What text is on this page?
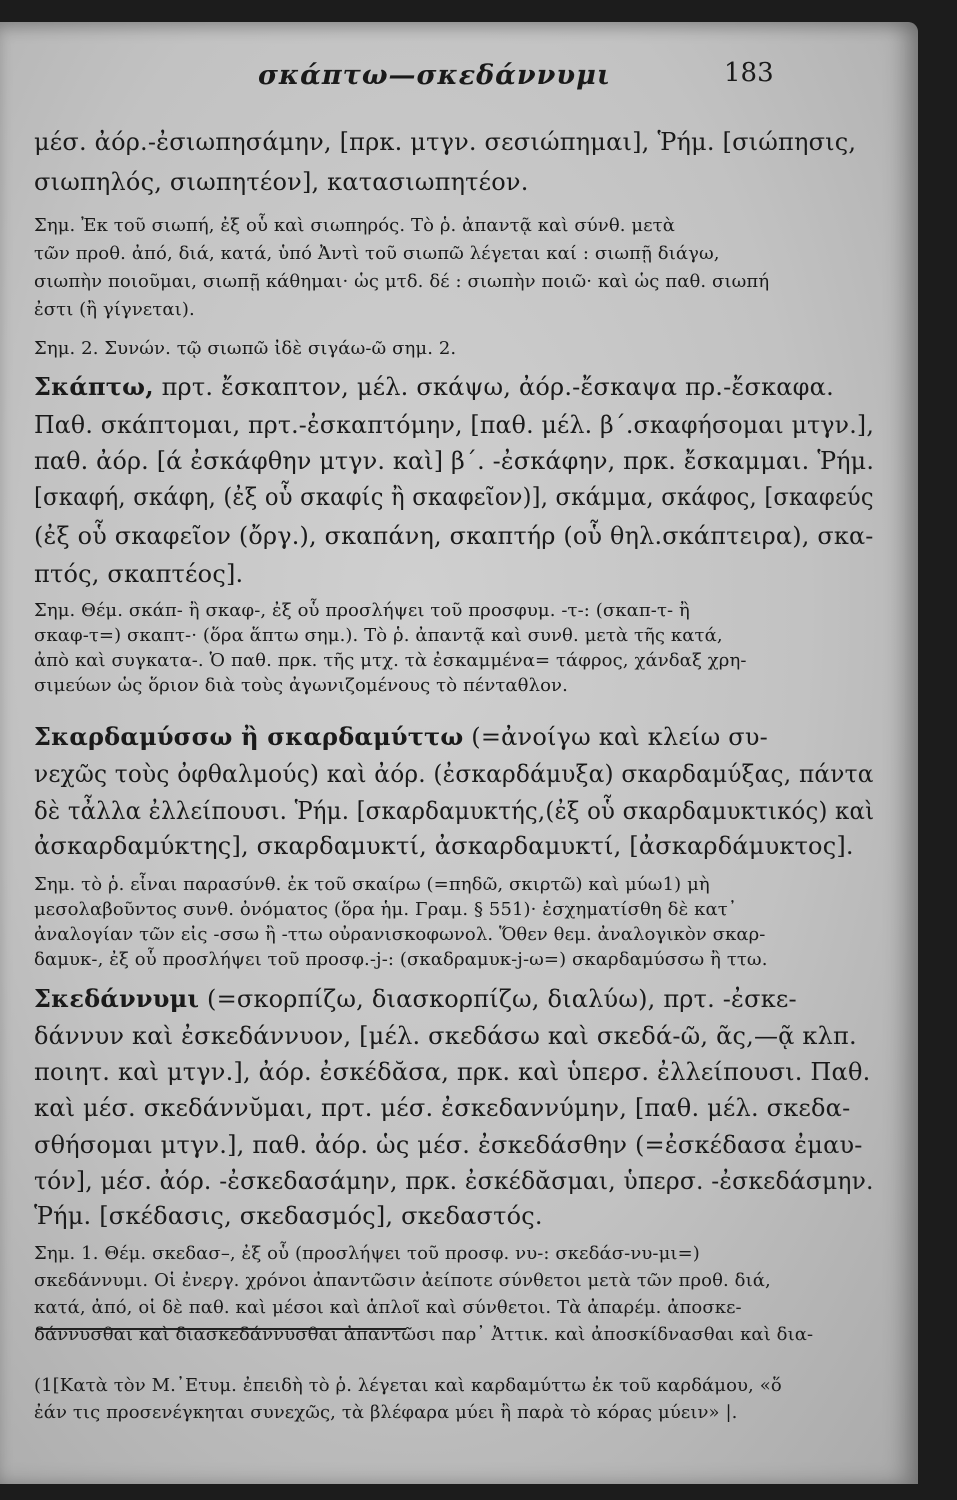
σκάπτω—σκεδάννυμι	183
μέσ. ἀόρ.-ἐσιωπησάμην, [πρκ. μτγν. σεσιώπημαι], Ῥήμ. [σιώπησις,
σιωπηλός, σιωπητέον], κατασιωπητέον.
Σημ. Ἐκ τοῦ σιωπή, ἐξ οὗ καὶ σιωπηρός. Τὸ ῥ. ἀπαντᾷ καὶ σύνθ. μετὰ
τῶν προθ. ἀπό, διά, κατά, ὑπό Ἀντὶ τοῦ σιωπῶ λέγεται καί : σιωπῇ διάγω,
σιωπὴν ποιοῦμαι, σιωπῇ κάθημαι· ὡς μτδ. δέ : σιωπὴν ποιῶ· καὶ ὡς παθ. σιωπή
ἐστι (ἢ γίγνεται).
Σημ. 2. Συνών. τῷ σιωπῶ ἰδὲ σιγάω-ῶ σημ. 2.
Σκάπτω, πρτ. ἔσκαπτον, μέλ. σκάψω, ἀόρ.-ἔσκαψα πρ.-ἔσκαφα.
Παθ. σκάπτομαι, πρτ.-ἐσκαπτόμην, [παθ. μέλ. β΄.σκαφήσομαι μτγν.],
παθ. ἀόρ. [ά ἐσκάφθην μτγν. καὶ] β΄. -ἐσκάφην, πρκ. ἔσκαμμαι. Ῥήμ.
[σκαφή, σκάφη, (ἐξ οὗ σκαφίς ἢ σκαφεῖον)], σκάμμα, σκάφος, [σκαφεύς
(ἐξ οὗ σκαφεῖον (ὄργ.), σκαπάνη, σκαπτήρ (οὗ θηλ.σκάπτειρα), σκα-
πτός, σκαπτέος].
Σημ. Θέμ. σκάπ- ἢ σκαφ-, ἐξ οὗ προσλήψει τοῦ προσφυμ. -τ-: (σκαπ-τ- ἢ
σκαφ-τ=) σκαπτ-· (ὅρα ἅπτω σημ.). Τὸ ῥ. ἀπαντᾷ καὶ συνθ. μετὰ τῆς κατά,
ἀπὸ καὶ συγκατα-. Ὁ παθ. πρκ. τῆς μτχ. τὰ ἐσκαμμένα= τάφρος, χάνδαξ χρη-
σιμεύων ὡς ὅριον διὰ τοὺς ἀγωνιζομένους τὸ πένταθλον.
Σκαρδαμύσσω ἢ σκαρδαμύττω (=ἀνοίγω καὶ κλείω συ-
νεχῶς τοὺς ὀφθαλμούς) καὶ ἀόρ. (ἐσκαρδάμυξα) σκαρδαμύξας, πάντα
δὲ τἆλλα ἐλλείπουσι. Ῥήμ. [σκαρδαμυκτής,(ἐξ οὗ σκαρδαμυκτικός) καὶ
ἀσκαρδαμύκτης], σκαρδαμυκτί, ἀσκαρδαμυκτί, [ἀσκαρδάμυκτος].
Σημ. τὸ ῥ. εἶναι παρασύνθ. ἐκ τοῦ σκαίρω (=πηδῶ, σκιρτῶ) καὶ μύω1) μὴ
μεσολαβοῦντος συνθ. ὀνόματος (ὅρα ἡμ. Γραμ. § 551)· ἐσχηματίσθη δὲ κατ᾽
ἀναλογίαν τῶν εἰς -σσω ἢ -ττω οὐρανισκοφωνολ. Ὅθεν θεμ. ἀναλογικὸν σκαρ-
δαμυκ-, ἐξ οὗ προσλήψει τοῦ προσφ.-j-: (σκαδραμυκ-j-ω=) σκαρδαμύσσω ἢ ττω.
Σκεδάννυμι (=σκορπίζω, διασκορπίζω, διαλύω), πρτ. -ἐσκε-
δάννυν καὶ ἐσκεδάννυον, [μέλ. σκεδάσω καὶ σκεδά-ῶ, ᾶς,—ᾷ κλπ.
ποιητ. καὶ μτγν.], ἀόρ. ἐσκέδᾰσα, πρκ. καὶ ὑπερσ. ἐλλείπουσι. Παθ.
καὶ μέσ. σκεδάννῠμαι, πρτ. μέσ. ἐσκεδαννύμην, [παθ. μέλ. σκεδα-
σθήσομαι μτγν.], παθ. ἀόρ. ὡς μέσ. ἐσκεδάσθην (=ἐσκέδασα ἐμαυ-
τόν], μέσ. ἀόρ. -ἐσκεδασάμην, πρκ. ἐσκέδᾰσμαι, ὑπερσ. -ἐσκεδάσμην.
Ῥήμ. [σκέδασις, σκεδασμός], σκεδαστός.
Σημ. 1. Θέμ. σκεδασ–, ἐξ οὗ (προσλήψει τοῦ προσφ. νυ-: σκεδάσ-νυ-μι=)
σκεδάννυμι. Οἱ ἐνεργ. χρόνοι ἀπαντῶσιν ἀείποτε σύνθετοι μετὰ τῶν προθ. διά,
κατά, ἀπό, οἱ δὲ παθ. καὶ μέσοι καὶ ἁπλοῖ καὶ σύνθετοι. Τὰ ἀπαρέμ. ἀποσκε-
δάννυσθαι καὶ διασκεδάννυσθαι ἀπαντῶσι παρ᾽ Ἀττικ. καὶ ἀποσκίδνασθαι καὶ δια-
(1[Κατὰ τὸν Μ.᾽Ετυμ. ἐπειδὴ τὸ ῥ. λέγεται καὶ καρδαμύττω ἐκ τοῦ καρδάμου, «ὅ
ἐάν τις προσενέγκηται συνεχῶς, τὰ βλέφαρα μύει ἢ παρὰ τὸ κόρας μύειν» |.
